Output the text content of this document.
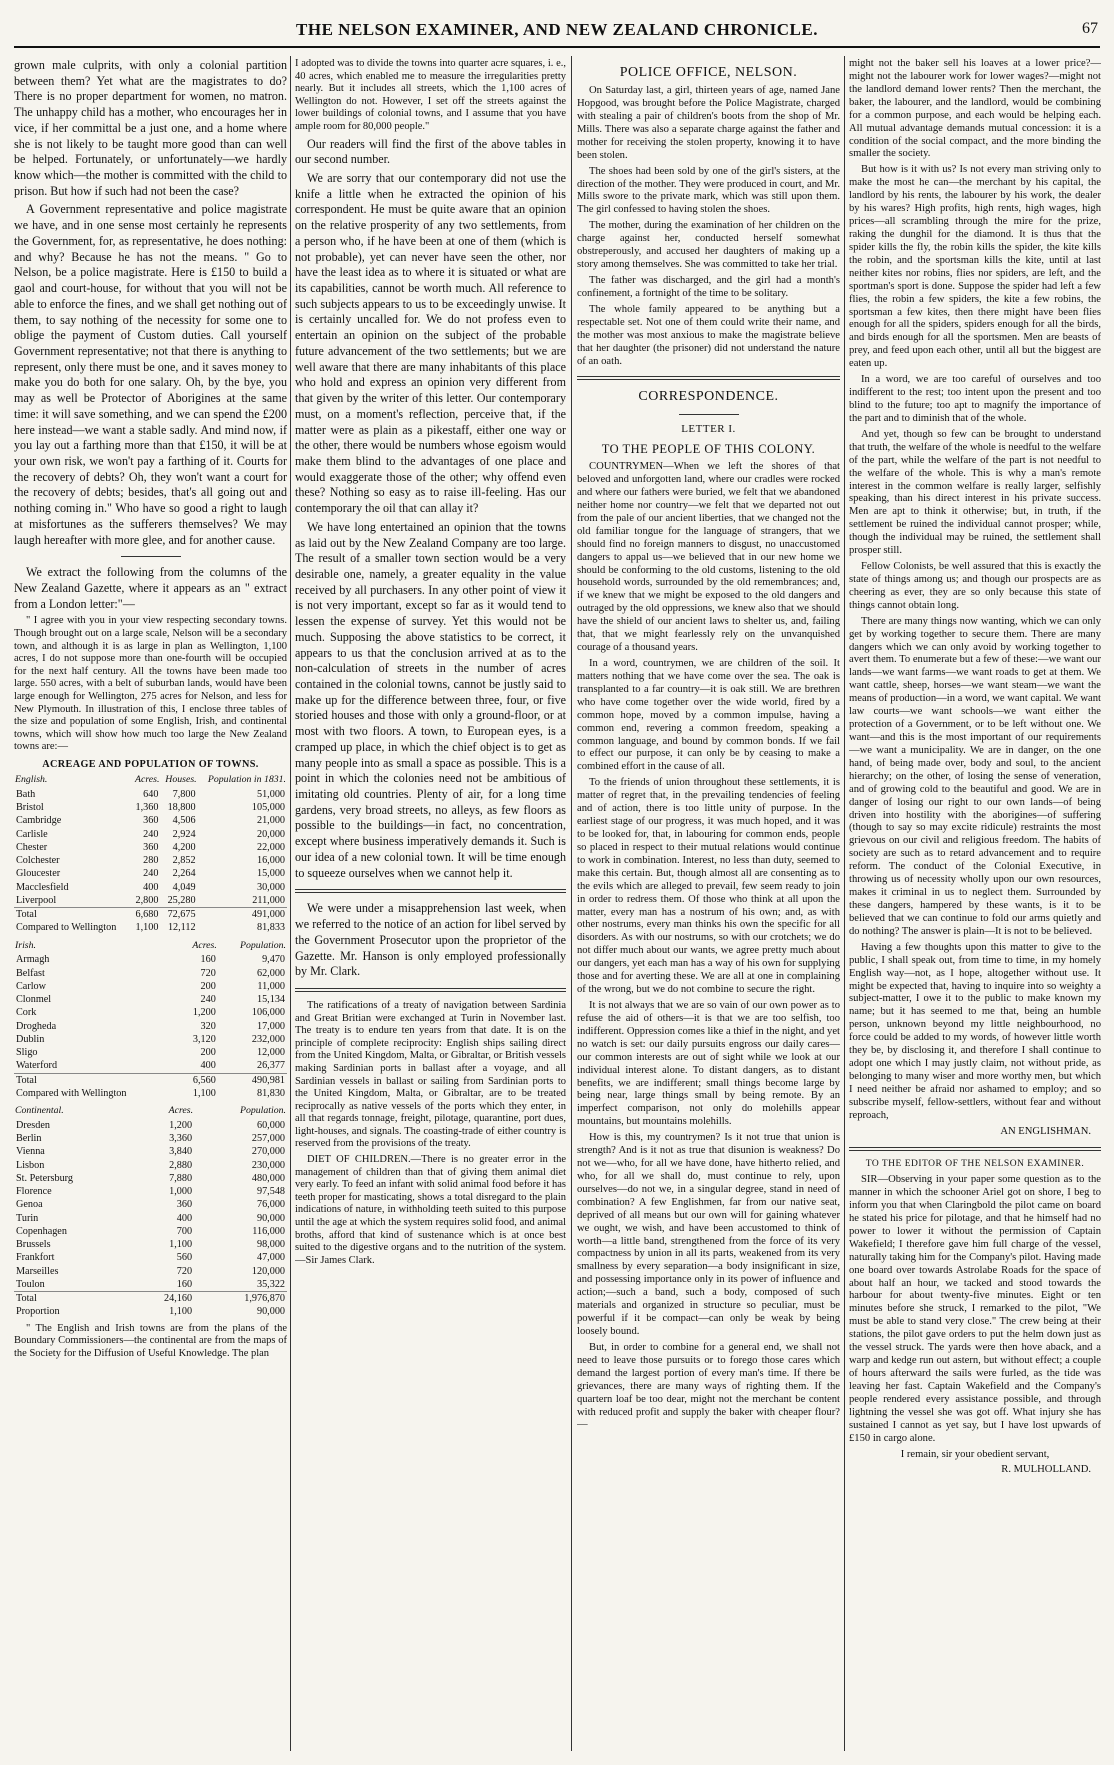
THE NELSON EXAMINER, AND NEW ZEALAND CHRONICLE.	67

grown male culprits, with only a colonial partition between them? Yet what are the magistrates to do? There is no proper department for women, no matron. The unhappy child has a mother, who encourages her in vice, if her committal be a just one, and a home where she is not likely to be taught more good than can well be helped. Fortunately, or unfortunately—we hardly know which—the mother is committed with the child to prison. But how if such had not been the case?

A Government representative and police magistrate we have, and in one sense most certainly he represents the Government, for, as representative, he does nothing: and why? Because he has not the means. " Go to Nelson, be a police magistrate. Here is £150 to build a gaol and court-house, for without that you will not be able to enforce the fines, and we shall get nothing out of them, to say nothing of the necessity for some one to oblige the payment of Custom duties. Call yourself Government representative; not that there is anything to represent, only there must be one, and it saves money to make you do both for one salary. Oh, by the bye, you may as well be Protector of Aborigines at the same time: it will save something, and we can spend the £200 here instead—we want a stable sadly. And mind now, if you lay out a farthing more than that £150, it will be at your own risk, we won't pay a farthing of it. Courts for the recovery of debts? Oh, they won't want a court for the recovery of debts; besides, that's all going out and nothing coming in." Who have so good a right to laugh at misfortunes as the sufferers themselves? We may laugh hereafter with more glee, and for another cause.

We extract the following from the columns of the New Zealand Gazette, where it appears as an " extract from a London letter:"—

" I agree with you in your view respecting secondary towns. Though brought out on a large scale, Nelson will be a secondary town, and although it is as large in plan as Wellington, 1,100 acres, I do not suppose more than one-fourth will be occupied for the next half century. All the towns have been made too large. 550 acres, with a belt of suburban lands, would have been large enough for Wellington, 275 acres for Nelson, and less for New Plymouth. In illustration of this, I enclose three tables of the size and population of some English, Irish, and continental towns, which will show how much too large the New Zealand towns are:—

ACREAGE AND POPULATION OF TOWNS.
English.	Acres.	Houses.	Population in 1831.
Bath	640	7,800	51,000
Bristol	1,360	18,800	105,000
Cambridge	360	4,506	21,000
Carlisle	240	2,924	20,000
Chester	360	4,200	22,000
Colchester	280	2,852	16,000
Gloucester	240	2,264	15,000
Macclesfield	400	4,049	30,000
Liverpool	2,800	25,280	211,000
Total	6,680	72,675	491,000
Compared to Wellington	1,100	12,112	81,833
Irish.	Acres.	Population.
Armagh	160	9,470
Belfast	720	62,000
Carlow	200	11,000
Clonmel	240	15,134
Cork	1,200	106,000
Drogheda	320	17,000
Dublin	3,120	232,000
Sligo	200	12,000
Waterford	400	26,377
Total	6,560	490,981
Compared with Wellington	1,100	81,830
Continental.	Acres.	Population.
Dresden	1,200	60,000
Berlin	3,360	257,000
Vienna	3,840	270,000
Lisbon	2,880	230,000
St. Petersburg	7,880	480,000
Florence	1,000	97,548
Genoa	360	76,000
Turin	400	90,000
Copenhagen	700	116,000
Brussels	1,100	98,000
Frankfort	560	47,000
Marseilles	720	120,000
Toulon	160	35,322
Total	24,160	1,976,870
Proportion	1,100	90,000

" The English and Irish towns are from the plans of the Boundary Commissioners—the continental are from the maps of the Society for the Diffusion of Useful Knowledge. The plan

I adopted was to divide the towns into quarter acre squares, i. e., 40 acres, which enabled me to measure the irregularities pretty nearly. But it includes all streets, which the 1,100 acres of Wellington do not. However, I set off the streets against the lower buildings of colonial towns, and I assume that you have ample room for 80,000 people."

Our readers will find the first of the above tables in our second number.

We are sorry that our contemporary did not use the knife a little when he extracted the opinion of his correspondent. He must be quite aware that an opinion on the relative prosperity of any two settlements, from a person who, if he have been at one of them (which is not probable), yet can never have seen the other, nor have the least idea as to where it is situated or what are its capabilities, cannot be worth much. All reference to such subjects appears to us to be exceedingly unwise. It is certainly uncalled for. We do not profess even to entertain an opinion on the subject of the probable future advancement of the two settlements; but we are well aware that there are many inhabitants of this place who hold and express an opinion very different from that given by the writer of this letter. Our contemporary must, on a moment's reflection, perceive that, if the matter were as plain as a pikestaff, either one way or the other, there would be numbers whose egoism would make them blind to the advantages of one place and would exaggerate those of the other; why offend even these? Nothing so easy as to raise ill-feeling. Has our contemporary the oil that can allay it?

We have long entertained an opinion that the towns as laid out by the New Zealand Company are too large. The result of a smaller town section would be a very desirable one, namely, a greater equality in the value received by all purchasers. In any other point of view it is not very important, except so far as it would tend to lessen the expense of survey. Yet this would not be much. Supposing the above statistics to be correct, it appears to us that the conclusion arrived at as to the non-calculation of streets in the number of acres contained in the colonial towns, cannot be justly said to make up for the difference between three, four, or five storied houses and those with only a ground-floor, or at most with two floors. A town, to European eyes, is a cramped up place, in which the chief object is to get as many people into as small a space as possible. This is a point in which the colonies need not be ambitious of imitating old countries. Plenty of air, for a long time gardens, very broad streets, no alleys, as few floors as possible to the buildings—in fact, no concentration, except where business imperatively demands it. Such is our idea of a new colonial town. It will be time enough to squeeze ourselves when we cannot help it.

We were under a misapprehension last week, when we referred to the notice of an action for libel served by the Government Prosecutor upon the proprietor of the Gazette. Mr. Hanson is only employed professionally by Mr. Clark.

The ratifications of a treaty of navigation between Sardinia and Great Britian were exchanged at Turin in November last. The treaty is to endure ten years from that date. It is on the principle of complete reciprocity: English ships sailing direct from the United Kingdom, Malta, or Gibraltar, or British vessels making Sardinian ports in ballast after a voyage, and all Sardinian vessels in ballast or sailing from Sardinian ports to the United Kingdom, Malta, or Gibraltar, are to be treated reciprocally as native vessels of the ports which they enter, in all that regards tonnage, freight, pilotage, quarantine, port dues, light-houses, and signals. The coasting-trade of either country is reserved from the provisions of the treaty.

DIET OF CHILDREN.—There is no greater error in the management of children than that of giving them animal diet very early. To feed an infant with solid animal food before it has teeth proper for masticating, shows a total disregard to the plain indications of nature, in withholding teeth suited to this purpose until the age at which the system requires solid food, and animal broths, afford that kind of sustenance which is at once best suited to the digestive organs and to the nutrition of the system.—Sir James Clark.

POLICE OFFICE, NELSON.

On Saturday last, a girl, thirteen years of age, named Jane Hopgood, was brought before the Police Magistrate, charged with stealing a pair of children's boots from the shop of Mr. Mills. There was also a separate charge against the father and mother for receiving the stolen property, knowing it to have been stolen.

The shoes had been sold by one of the girl's sisters, at the direction of the mother. They were produced in court, and Mr. Mills swore to the private mark, which was still upon them. The girl confessed to having stolen the shoes.

The mother, during the examination of her children on the charge against her, conducted herself somewhat obstreperously, and accused her daughters of making up a story among themselves. She was committed to take her trial.

The father was discharged, and the girl had a month's confinement, a fortnight of the time to be solitary.

The whole family appeared to be anything but a respectable set. Not one of them could write their name, and the mother was most anxious to make the magistrate believe that her daughter (the prisoner) did not understand the nature of an oath.

CORRESPONDENCE.
LETTER I.
TO THE PEOPLE OF THIS COLONY.

COUNTRYMEN—When we left the shores of that beloved and unforgotten land, where our cradles were rocked and where our fathers were buried, we felt that we abandoned neither home nor country—we felt that we departed not out from the pale of our ancient liberties, that we changed not the old familiar tongue for the language of strangers, that we should find no foreign manners to disgust, no unaccustomed dangers to appal us—we believed that in our new home we should be conforming to the old customs, listening to the old household words, surrounded by the old remembrances; and, if we knew that we might be exposed to the old dangers and outraged by the old oppressions, we knew also that we should have the shield of our ancient laws to shelter us, and, failing that, that we might fearlessly rely on the unvanquished courage of a thousand years.

In a word, countrymen, we are children of the soil. It matters nothing that we have come over the sea. The oak is transplanted to a far country—it is oak still. We are brethren who have come together over the wide world, fired by a common hope, moved by a common impulse, having a common end, revering a common freedom, speaking a common language, and bound by common bonds. If we fail to effect our purpose, it can only be by ceasing to make a combined effort in the cause of all.

To the friends of union throughout these settlements, it is matter of regret that, in the prevailing tendencies of feeling and of action, there is too little unity of purpose. In the earliest stage of our progress, it was much hoped, and it was to be looked for, that, in labouring for common ends, people so placed in respect to their mutual relations would continue to work in combination. Interest, no less than duty, seemed to make this certain. But, though almost all are consenting as to the evils which are alleged to prevail, few seem ready to join in order to redress them. Of those who think at all upon the matter, every man has a nostrum of his own; and, as with other nostrums, every man thinks his own the specific for all disorders. As with our nostrums, so with our crotchets; we do not differ much about our wants, we agree pretty much about our dangers, yet each man has a way of his own for supplying those and for averting these. We are all at one in complaining of the wrong, but we do not combine to secure the right.

It is not always that we are so vain of our own power as to refuse the aid of others—it is that we are too selfish, too indifferent. Oppression comes like a thief in the night, and yet no watch is set: our daily pursuits engross our daily cares—our common interests are out of sight while we look at our individual interest alone. To distant dangers, as to distant benefits, we are indifferent; small things become large by being near, large things small by being remote. By an imperfect comparison, not only do molehills appear mountains, but mountains molehills.

How is this, my countrymen? Is it not true that union is strength? And is it not as true that disunion is weakness? Do not we—who, for all we have done, have hitherto relied, and who, for all we shall do, must continue to rely, upon ourselves—do not we, in a singular degree, stand in need of combination? A few Englishmen, far from our native seat, deprived of all means but our own will for gaining whatever we ought, we wish, and have been accustomed to think of worth—a little band, strengthened from the force of its very compactness by union in all its parts, weakened from its very smallness by every separation—a body insignificant in size, and possessing importance only in its power of influence and action;—such a band, such a body, composed of such materials and organized in structure so peculiar, must be powerful if it be compact—can only be weak by being loosely bound.

But, in order to combine for a general end, we shall not need to leave those pursuits or to forego those cares which demand the largest portion of every man's time. If there be grievances, there are many ways of righting them. If the quartern loaf be too dear, might not the merchant be content with reduced profit and supply the baker with cheaper flour?—

might not the baker sell his loaves at a lower price?—might not the labourer work for lower wages?—might not the landlord demand lower rents? Then the merchant, the baker, the labourer, and the landlord, would be combining for a common purpose, and each would be helping each. All mutual advantage demands mutual concession: it is a condition of the social compact, and the more binding the smaller the society.

But how is it with us? Is not every man striving only to make the most he can—the merchant by his capital, the landlord by his rents, the labourer by his work, the dealer by his wares? High profits, high rents, high wages, high prices—all scrambling through the mire for the prize, raking the dunghil for the diamond. It is thus that the spider kills the fly, the robin kills the spider, the kite kills the robin, and the sportsman kills the kite, until at last neither kites nor robins, flies nor spiders, are left, and the sportman's sport is done. Suppose the spider had left a few flies, the robin a few spiders, the kite a few robins, the sportsman a few kites, then there might have been flies enough for all the spiders, spiders enough for all the birds, and birds enough for all the sportsmen. Men are beasts of prey, and feed upon each other, until all but the biggest are eaten up.

In a word, we are too careful of ourselves and too indifferent to the rest; too intent upon the present and too blind to the future; too apt to magnify the importance of the part and to diminish that of the whole.

And yet, though so few can be brought to understand that truth, the welfare of the whole is needful to the welfare of the part, while the welfare of the part is not needful to the welfare of the whole. This is why a man's remote interest in the common welfare is really larger, selfishly speaking, than his direct interest in his private success. Men are apt to think it otherwise; but, in truth, if the settlement be ruined the individual cannot prosper; while, though the individual may be ruined, the settlement shall prosper still.

Fellow Colonists, be well assured that this is exactly the state of things among us; and though our prospects are as cheering as ever, they are so only because this state of things cannot obtain long.

There are many things now wanting, which we can only get by working together to secure them. There are many dangers which we can only avoid by working together to avert them. To enumerate but a few of these:—we want our lands—we want farms—we want roads to get at them. We want cattle, sheep, horses—we want steam—we want the means of production—in a word, we want capital. We want law courts—we want schools—we want either the protection of a Government, or to be left without one. We want—and this is the most important of our requirements—we want a municipality. We are in danger, on the one hand, of being made over, body and soul, to the ancient hierarchy; on the other, of losing the sense of veneration, and of growing cold to the beautiful and good. We are in danger of losing our right to our own lands—of being driven into hostility with the aborigines—of suffering (though to say so may excite ridicule) restraints the most grievous on our civil and religious freedom. The habits of society are such as to retard advancement and to require reform. The conduct of the Colonial Executive, in throwing us of necessity wholly upon our own resources, makes it criminal in us to neglect them. Surrounded by these dangers, hampered by these wants, is it to be believed that we can continue to fold our arms quietly and do nothing? The answer is plain—It is not to be believed.

Having a few thoughts upon this matter to give to the public, I shall speak out, from time to time, in my homely English way—not, as I hope, altogether without use. It might be expected that, having to inquire into so weighty a subject-matter, I owe it to the public to make known my name; but it has seemed to me that, being an humble person, unknown beyond my little neighbourhood, no force could be added to my words, of however little worth they be, by disclosing it, and therefore I shall continue to adopt one which I may justly claim, not without pride, as belonging to many wiser and more worthy men, but which I need neither be afraid nor ashamed to employ; and so subscribe myself, fellow-settlers, without fear and without reproach,

AN ENGLISHMAN.

TO THE EDITOR OF THE NELSON EXAMINER.

SIR—Observing in your paper some question as to the manner in which the schooner Ariel got on shore, I beg to inform you that when Claringbold the pilot came on board he stated his price for pilotage, and that he himself had no power to lower it without the permission of Captain Wakefield; I therefore gave him full charge of the vessel, naturally taking him for the Company's pilot. Having made one board over towards Astrolabe Roads for the space of about half an hour, we tacked and stood towards the harbour for about twenty-five minutes. Eight or ten minutes before she struck, I remarked to the pilot, "We must be able to stand very close." The crew being at their stations, the pilot gave orders to put the helm down just as the vessel struck. The yards were then hove aback, and a warp and kedge run out astern, but without effect; a couple of hours afterward the sails were furled, as the tide was leaving her fast. Captain Wakefield and the Company's people rendered every assistance possible, and through lightning the vessel she was got off. What injury she has sustained I cannot as yet say, but I have lost upwards of £150 in cargo alone.

I remain, sir your obedient servant,

R. MULHOLLAND.
